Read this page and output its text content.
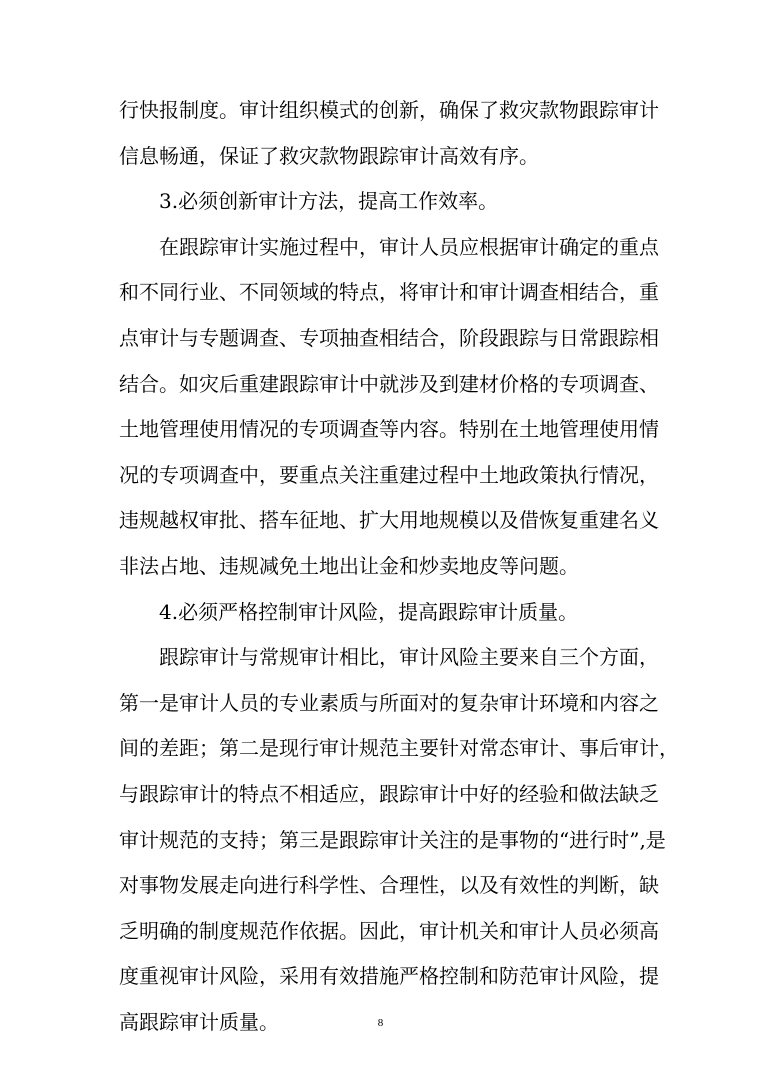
行快报制度。审计组织模式的创新，确保了救灾款物跟踪审计
信息畅通，保证了救灾款物跟踪审计高效有序。
3.必须创新审计方法，提高工作效率。
在跟踪审计实施过程中，审计人员应根据审计确定的重点
和不同行业、不同领域的特点，将审计和审计调查相结合，重
点审计与专题调查、专项抽查相结合，阶段跟踪与日常跟踪相
结合。如灾后重建跟踪审计中就涉及到建材价格的专项调查、
土地管理使用情况的专项调查等内容。特别在土地管理使用情
况的专项调查中，要重点关注重建过程中土地政策执行情况，
违规越权审批、搭车征地、扩大用地规模以及借恢复重建名义
非法占地、违规减免土地出让金和炒卖地皮等问题。
4.必须严格控制审计风险，提高跟踪审计质量。
跟踪审计与常规审计相比，审计风险主要来自三个方面，
第一是审计人员的专业素质与所面对的复杂审计环境和内容之
间的差距；第二是现行审计规范主要针对常态审计、事后审计，
与跟踪审计的特点不相适应，跟踪审计中好的经验和做法缺乏
审计规范的支持；第三是跟踪审计关注的是事物的“进行时”,是
对事物发展走向进行科学性、合理性，以及有效性的判断，缺
乏明确的制度规范作依据。因此，审计机关和审计人员必须高
度重视审计风险，采用有效措施严格控制和防范审计风险，提
高跟踪审计质量。	8
